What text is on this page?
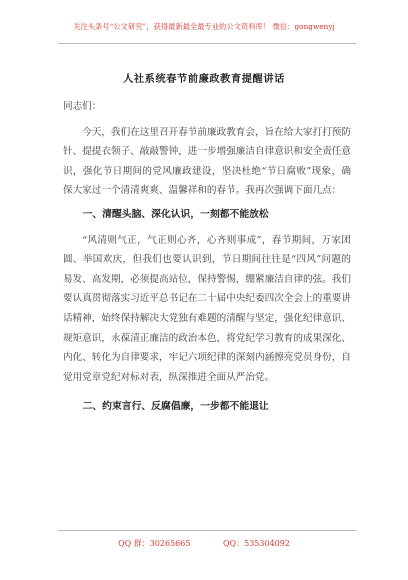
关注头条号“公文研究”，获得最新最全最专业的公文资料库！ 微信：gongwenyj
人社系统春节前廉政教育提醒讲话

同志们：

今天，我们在这里召开春节前廉政教育会，旨在给大家打打预防针、提提衣领子、敲敲警钟，进一步增强廉洁自律意识和安全责任意识，强化节日期间的党风廉政建设，坚决杜绝“节日腐败”现象，确保大家过一个清清爽爽、温馨祥和的春节。我再次强调下面几点：

一、清醒头脑、深化认识，一刻都不能放松

“风清则气正，气正则心齐，心齐则事成”，春节期间，万家团圆、举国欢庆，但我们也要认识到，节日期间往往是“四风”问题的易发、高发期，必须提高站位，保持警惕，绷紧廉洁自律的弦。我们要认真贯彻落实习近平总书记在二十届中央纪委四次全会上的重要讲话精神，始终保持解决大党独有难题的清醒与坚定，强化纪律意识、规矩意识，永葆清正廉洁的政治本色，将党纪学习教育的成果深化、内化、转化为自律要求，牢记六项纪律的深刻内涵擦亮党员身份，自觉用党章党纪对标对表，纵深推进全面从严治党。

二、约束言行、反腐倡廉，一步都不能退让

QQ 群：30265665	QQ：535304092
